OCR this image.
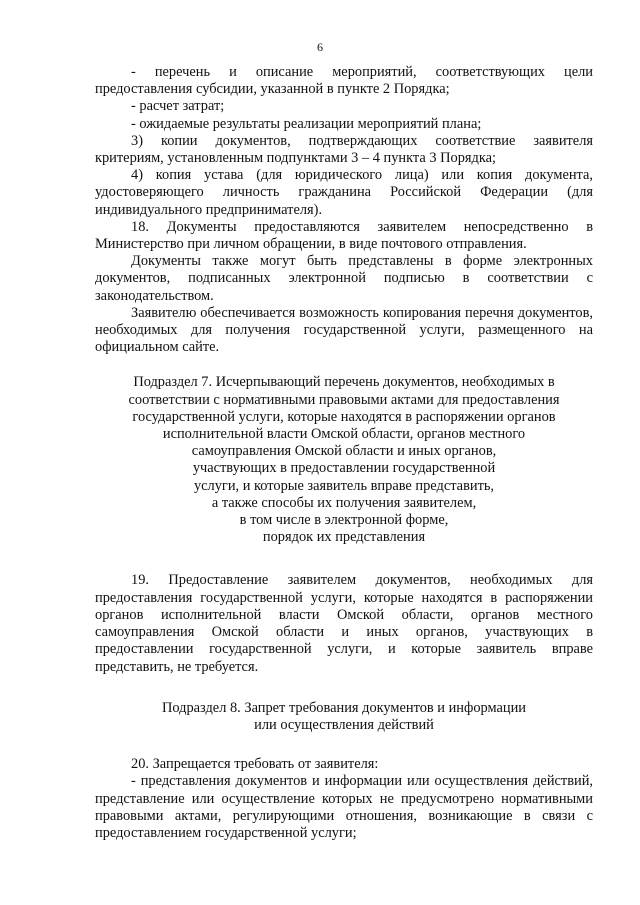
6

- перечень и описание мероприятий, соответствующих цели предоставления субсидии, указанной в пункте 2 Порядка;

- расчет затрат;

- ожидаемые результаты реализации мероприятий плана;

3) копии документов, подтверждающих соответствие заявителя критериям, установленным подпунктами 3 – 4 пункта 3 Порядка;

4) копия устава (для юридического лица) или копия документа, удостоверяющего личность гражданина Российской Федерации (для индивидуального предпринимателя).

18. Документы предоставляются заявителем непосредственно в Министерство при личном обращении, в виде почтового отправления.

Документы также могут быть представлены в форме электронных документов, подписанных электронной подписью в соответствии с законодательством.

Заявителю обеспечивается возможность копирования перечня документов, необходимых для получения государственной услуги, размещенного на официальном сайте.

Подраздел 7. Исчерпывающий перечень документов, необходимых в
соответствии с нормативными правовыми актами для предоставления
государственной услуги, которые находятся в распоряжении органов
исполнительной власти Омской области, органов местного
самоуправления Омской области и иных органов,
участвующих в предоставлении государственной
услуги, и которые заявитель вправе представить,
а также способы их получения заявителем,
в том числе в электронной форме,
порядок их представления

19. Предоставление заявителем документов, необходимых для предоставления государственной услуги, которые находятся в распоряжении органов исполнительной власти Омской области, органов местного самоуправления Омской области и иных органов, участвующих в предоставлении государственной услуги, и которые заявитель вправе представить, не требуется.

Подраздел 8. Запрет требования документов и информации
или осуществления действий

20. Запрещается требовать от заявителя:

- представления документов и информации или осуществления действий, представление или осуществление которых не предусмотрено нормативными правовыми актами, регулирующими отношения, возникающие в связи с предоставлением государственной услуги;
